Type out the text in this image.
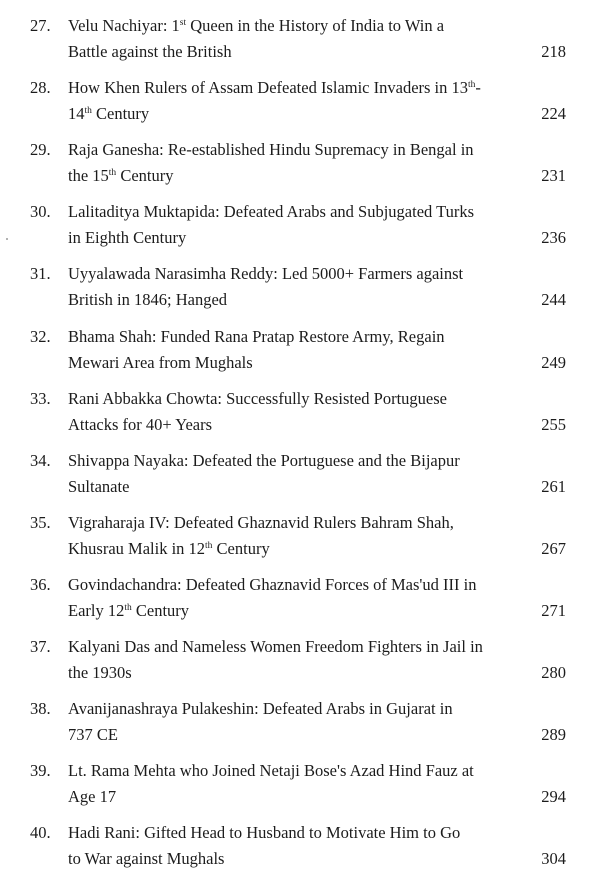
27. Velu Nachiyar: 1st Queen in the History of India to Win a
Battle against the British	218
28. How Khen Rulers of Assam Defeated Islamic Invaders in 13th-
14th Century	224
29. Raja Ganesha: Re-established Hindu Supremacy in Bengal in
the 15th Century	231
30. Lalitaditya Muktapida: Defeated Arabs and Subjugated Turks
in Eighth Century	236
31. Uyyalawada Narasimha Reddy: Led 5000+ Farmers against
British in 1846; Hanged	244
32. Bhama Shah: Funded Rana Pratap Restore Army, Regain
Mewari Area from Mughals	249
33. Rani Abbakka Chowta: Successfully Resisted Portuguese
Attacks for 40+ Years	255
34. Shivappa Nayaka: Defeated the Portuguese and the Bijapur
Sultanate	261
35. Vigraharaja IV: Defeated Ghaznavid Rulers Bahram Shah,
Khusrau Malik in 12th Century	267
36. Govindachandra: Defeated Ghaznavid Forces of Mas'ud III in
Early 12th Century	271
37. Kalyani Das and Nameless Women Freedom Fighters in Jail in
the 1930s	280
38. Avanijanashraya Pulakeshin: Defeated Arabs in Gujarat in
737 CE	289
39. Lt. Rama Mehta who Joined Netaji Bose's Azad Hind Fauz at
Age 17	294
40. Hadi Rani: Gifted Head to Husband to Motivate Him to Go
to War against Mughals	304
